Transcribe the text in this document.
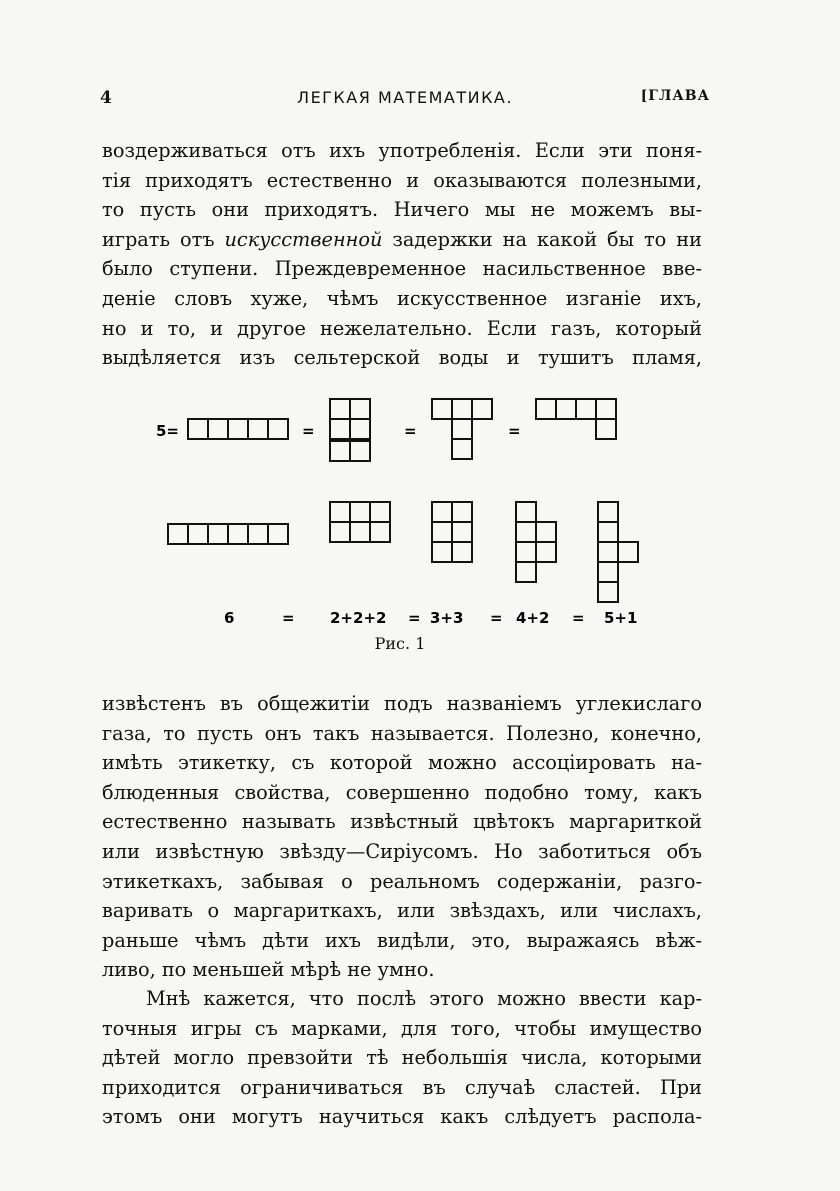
4	ЛЕГКАЯ МАТЕМАТИКА.	[ГЛАВА
воздерживаться отъ ихъ употребленія. Если эти поня-
тія приходятъ естественно и оказываются полезными,
то пусть они приходятъ. Ничего мы не можемъ вы-
играть отъ искусственной задержки на какой бы то ни
было ступени. Преждевременное насильственное вве-
деніе словъ хуже, чѣмъ искусственное изганіе ихъ,
но и то, и другое нежелательно. Если газъ, который
выдѣляется изъ сельтерской воды и тушитъ пламя,
5=	=	=	=
6	= 2+2+2 = 3+3 = 4+2 = 5+1
Рис. 1
извѣстенъ въ общежитіи подъ названіемъ углекислаго
газа, то пусть онъ такъ называется. Полезно, конечно,
имѣть этикетку, съ которой можно ассоціировать на-
блюденныя свойства, совершенно подобно тому, какъ
естественно называть извѣстный цвѣтокъ маргариткой
или извѣстную звѣзду—Сиріусомъ. Но заботиться объ
этикеткахъ, забывая о реальномъ содержаніи, разго-
варивать о маргариткахъ, или звѣздахъ, или числахъ,
раньше чѣмъ дѣти ихъ видѣли, это, выражаясь вѣж-
ливо, по меньшей мѣрѣ не умно.
Мнѣ кажется, что послѣ этого можно ввести кар-
точныя игры съ марками, для того, чтобы имущество
дѣтей могло превзойти тѣ небольшія числа, которыми
приходится ограничиваться въ случаѣ сластей. При
этомъ они могутъ научиться какъ слѣдуетъ распола-
